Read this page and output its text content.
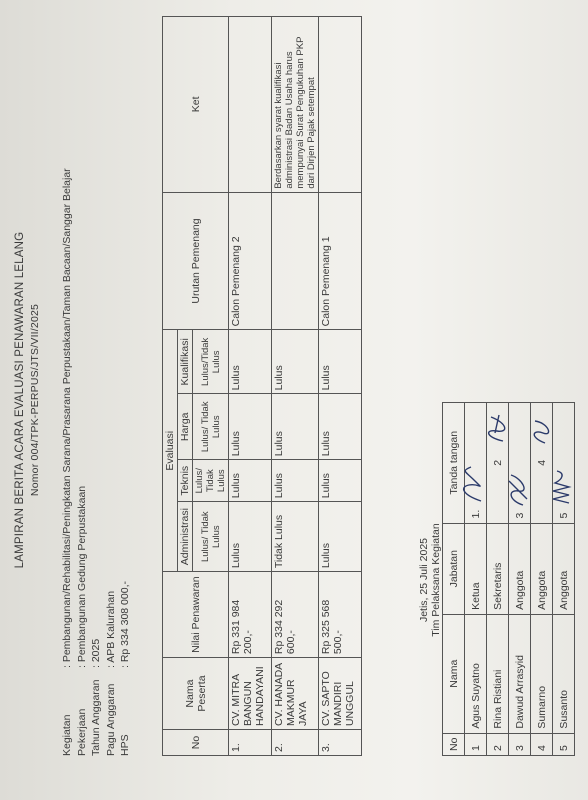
LAMPIRAN BERITA ACARA EVALUASI PENAWARAN LELANG Nomor 004/TPK-PERPUS/JTS/VII/2025
Kegiatan
: Pembangunan/Rehabilitasi/Peningkatan Sarana/Prasarana Perpustakaan/Taman Bacaan/Sanggar Belajar
Pekerjaan
: Pembangunan Gedung Perpustakaan
Tahun Anggaran
: 2025
Pagu Anggaran
: APB Kalurahan
HPS
: Rp 334 308 000,-
No	Nama Peserta	Nilai Penawaran	Evaluasi				Urutan Pemenang	Ket
			Administrasi	Teknis	Harga	Kualifikasi		
			Lulus/ Tidak Lulus	Lulus/ Tidak Lulus	Lulus/ Tidak Lulus	Lulus/Tidak Lulus		
1.	CV. MITRA BANGUN HANDAYANI	Rp 331 984 200,-	Lulus	Lulus	Lulus	Lulus	Calon Pemenang 2	
2.	CV. HANADA MAKMUR JAYA	Rp 334 292 600,-	Tidak Lulus	Lulus	Lulus	Lulus		Berdasarkan syarat kualifikasi administrasi Badan Usaha harus mempunyai Surat Pengukuhan PKP dari Dirjen Pajak setempat
3.	CV. SAPTO MANDIRI UNGGUL	Rp 325 568 500,-	Lulus	Lulus	Lulus	Lulus	Calon Pemenang 1	
Jetis, 25 Juli 2025 Tim Pelaksana Kegiatan
No	Nama	Jabatan	Tanda tangan
1	Agus Suyatno	Ketua	1.

2	Rina Ristiani	Sekretaris	2

3	Dawud Arrasyid	Anggota	3

4	Sumarno	Anggota	4

5	Susanto	Anggota	5
